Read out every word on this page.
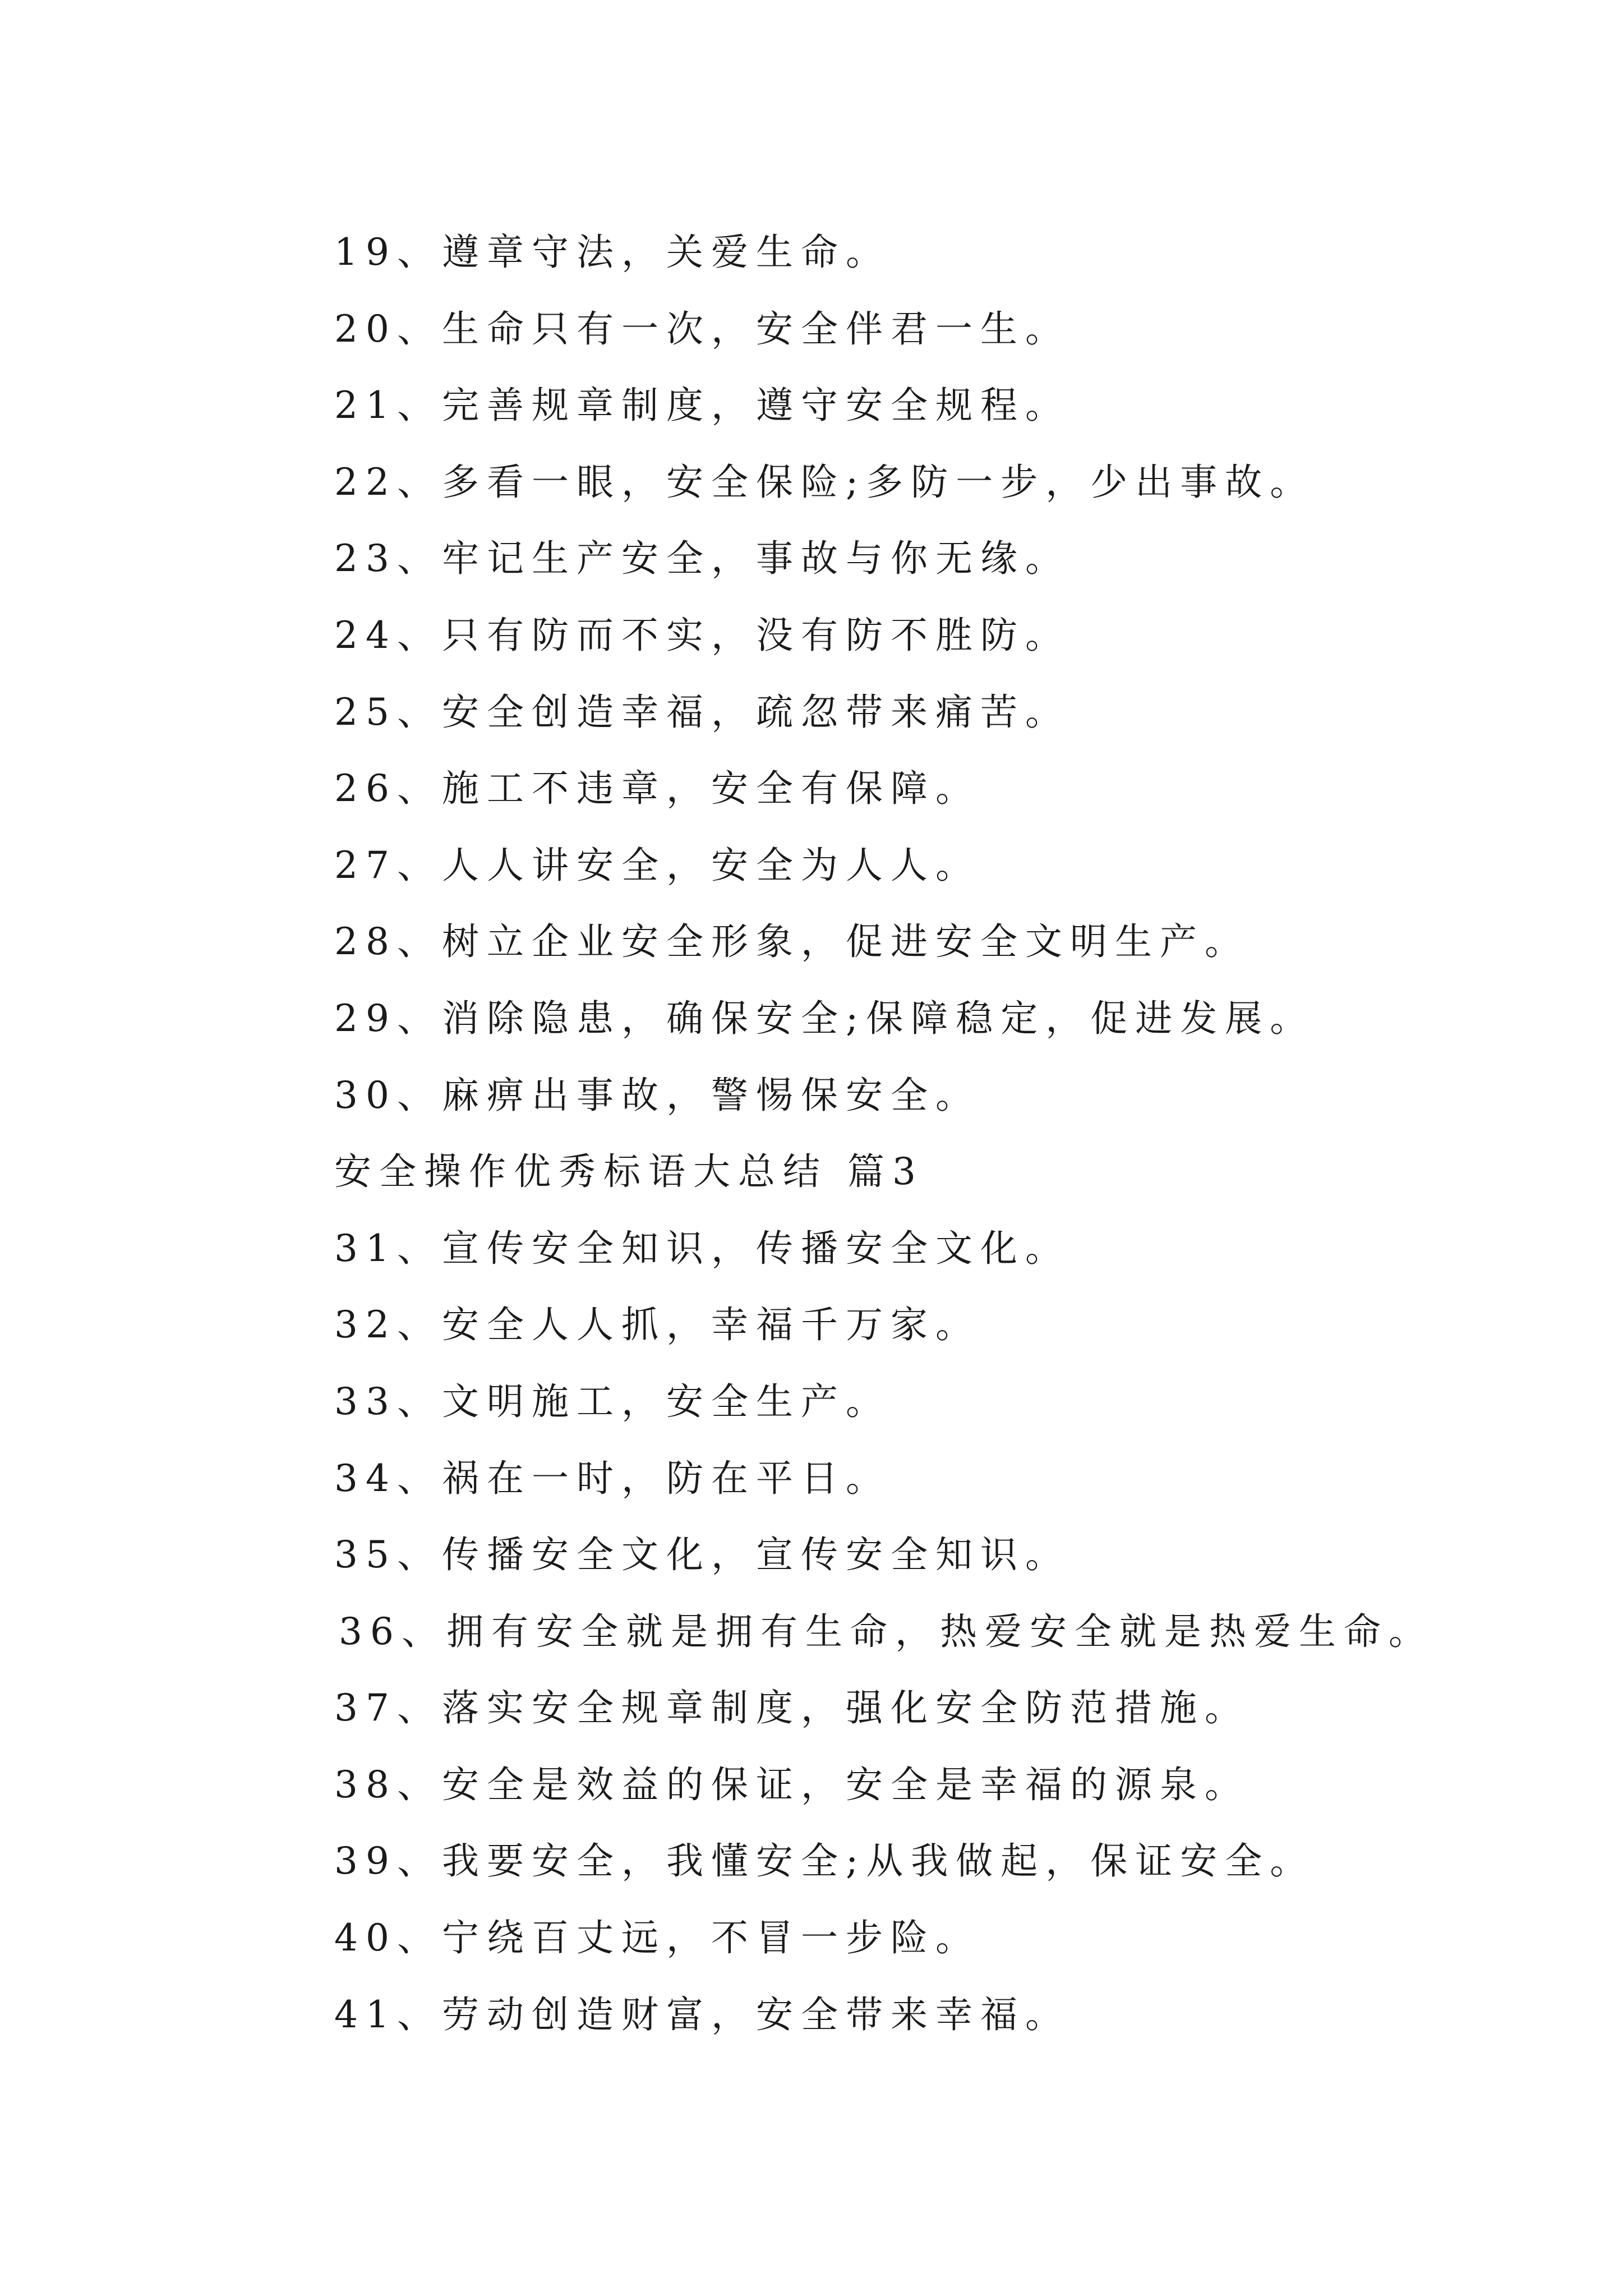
19、遵章守法，关爱生命。
20、生命只有一次，安全伴君一生。
21、完善规章制度，遵守安全规程。
22、多看一眼，安全保险;多防一步，少出事故。
23、牢记生产安全，事故与你无缘。
24、只有防而不实，没有防不胜防。
25、安全创造幸福，疏忽带来痛苦。
26、施工不违章，安全有保障。
27、人人讲安全，安全为人人。
28、树立企业安全形象，促进安全文明生产。
29、消除隐患，确保安全;保障稳定，促进发展。
30、麻痹出事故，警惕保安全。
安全操作优秀标语大总结 篇3
31、宣传安全知识，传播安全文化。
32、安全人人抓，幸福千万家。
33、文明施工，安全生产。
34、祸在一时，防在平日。
35、传播安全文化，宣传安全知识。
36、拥有安全就是拥有生命，热爱安全就是热爱生命。
37、落实安全规章制度，强化安全防范措施。
38、安全是效益的保证，安全是幸福的源泉。
39、我要安全，我懂安全;从我做起，保证安全。
40、宁绕百丈远，不冒一步险。
41、劳动创造财富，安全带来幸福。
